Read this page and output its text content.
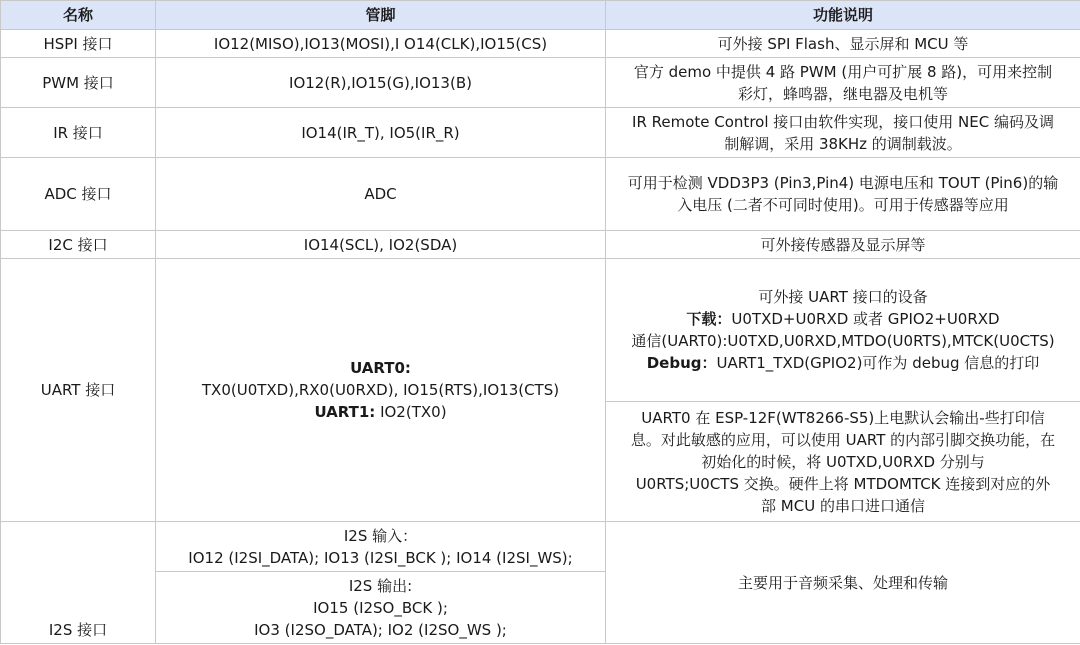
名称	管脚	功能说明
HSPI 接口	IO12(MISO),IO13(MOSI),I O14(CLK),IO15(CS)	可外接 SPI Flash、显示屏和 MCU 等
PWM 接口	IO12(R),IO15(G),IO13(B)	官方 demo 中提供 4 路 PWM (用户可扩展 8 路)，可用来控制
彩灯，蜂鸣器，继电器及电机等

IR 接口	IO14(IR_T), IO5(IR_R)	IR Remote Control 接口由软件实现，接口使用 NEC 编码及调
制解调，采用 38KHz 的调制载波。

ADC 接口	ADC	可用于检测 VDD3P3 (Pin3,Pin4) 电源电压和 TOUT (Pin6)的输
入电压 (二者不可同时使用)。可用于传感器等应用

I2C 接口	IO14(SCL), IO2(SDA)	可外接传感器及显示屏等
UART 接口	UART0:
TX0(U0TXD),RX0(U0RXD), IO15(RTS),IO13(CTS)
UART1: IO2(TX0)	可外接 UART 接口的设备
下载：U0TXD+U0RXD 或者 GPIO2+U0RXD
通信(UART0):U0TXD,U0RXD,MTDO(U0RTS),MTCK(U0CTS)
Debug：UART1_TXD(GPIO2)可作为 debug 信息的打印

		UART0 在 ESP-12F(WT8266-S5)上电默认会输出-些打印信
息。对此敏感的应用，可以使用 UART 的内部引脚交换功能，在
初始化的时候，将 U0TXD,U0RXD 分别与
U0RTS;U0CTS 交换。硬件上将 MTDOMTCK 连接到对应的外
部 MCU 的串口进口通信

I2S 接口	I2S 输入：
IO12 (I2SI_DATA); IO13 (I2SI_BCK ); IO14 (I2SI_WS);	主要用于音频采集、处理和传输

	I2S 输出:
IO15 (I2SO_BCK );
IO3 (I2SO_DATA); IO2 (I2SO_WS );	
